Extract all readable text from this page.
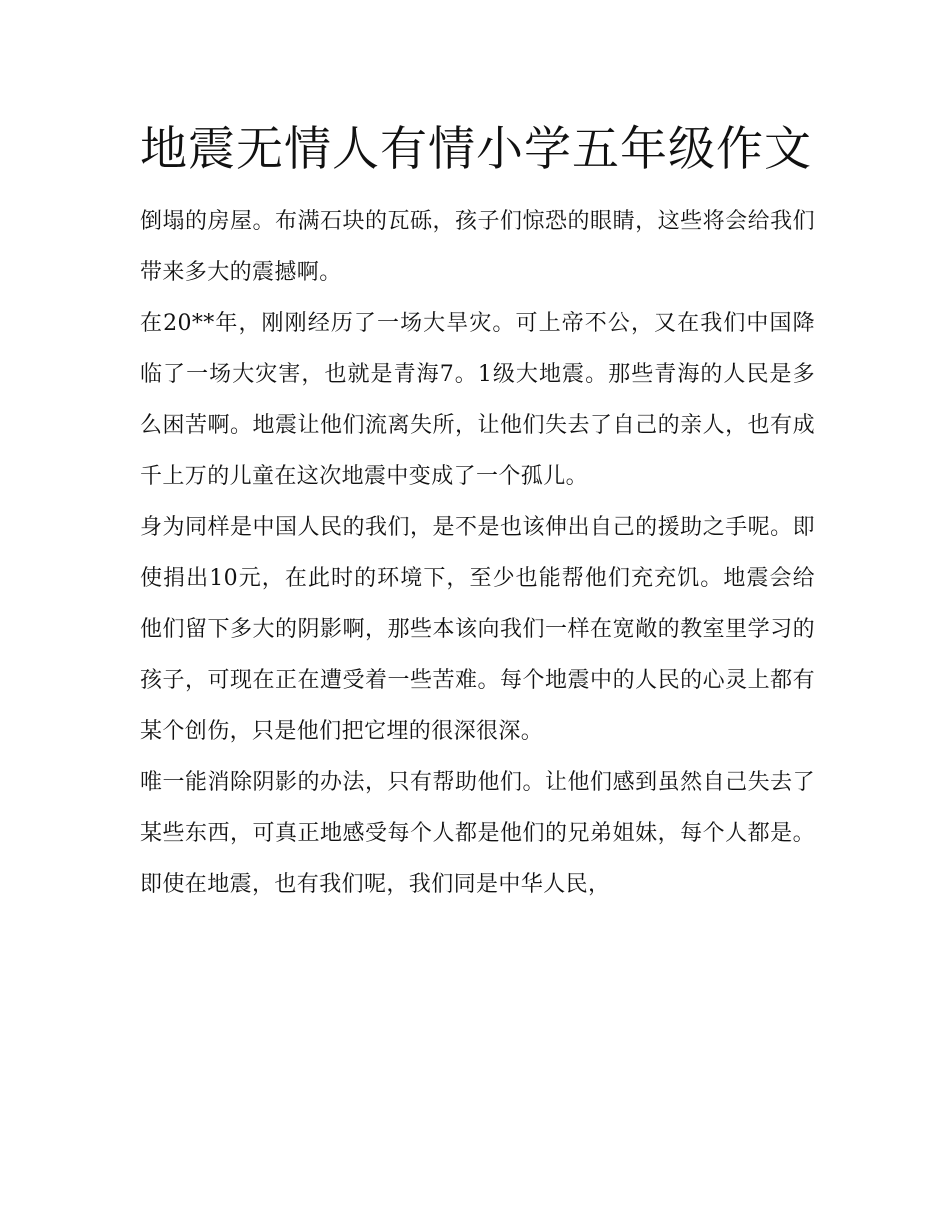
地震无情人有情小学五年级作文

倒塌的房屋。布满石块的瓦砾，孩子们惊恐的眼睛，这些将会给我们带来多大的震撼啊。

在20**年，刚刚经历了一场大旱灾。可上帝不公，又在我们中国降临了一场大灾害，也就是青海7。1级大地震。那些青海的人民是多么困苦啊。地震让他们流离失所，让他们失去了自己的亲人，也有成千上万的儿童在这次地震中变成了一个孤儿。

身为同样是中国人民的我们，是不是也该伸出自己的援助之手呢。即使捐出10元，在此时的环境下，至少也能帮他们充充饥。地震会给他们留下多大的阴影啊，那些本该向我们一样在宽敞的教室里学习的孩子，可现在正在遭受着一些苦难。每个地震中的人民的心灵上都有某个创伤，只是他们把它埋的很深很深。

唯一能消除阴影的办法，只有帮助他们。让他们感到虽然自己失去了某些东西，可真正地感受每个人都是他们的兄弟姐妹，每个人都是。即使在地震，也有我们呢，我们同是中华人民，
